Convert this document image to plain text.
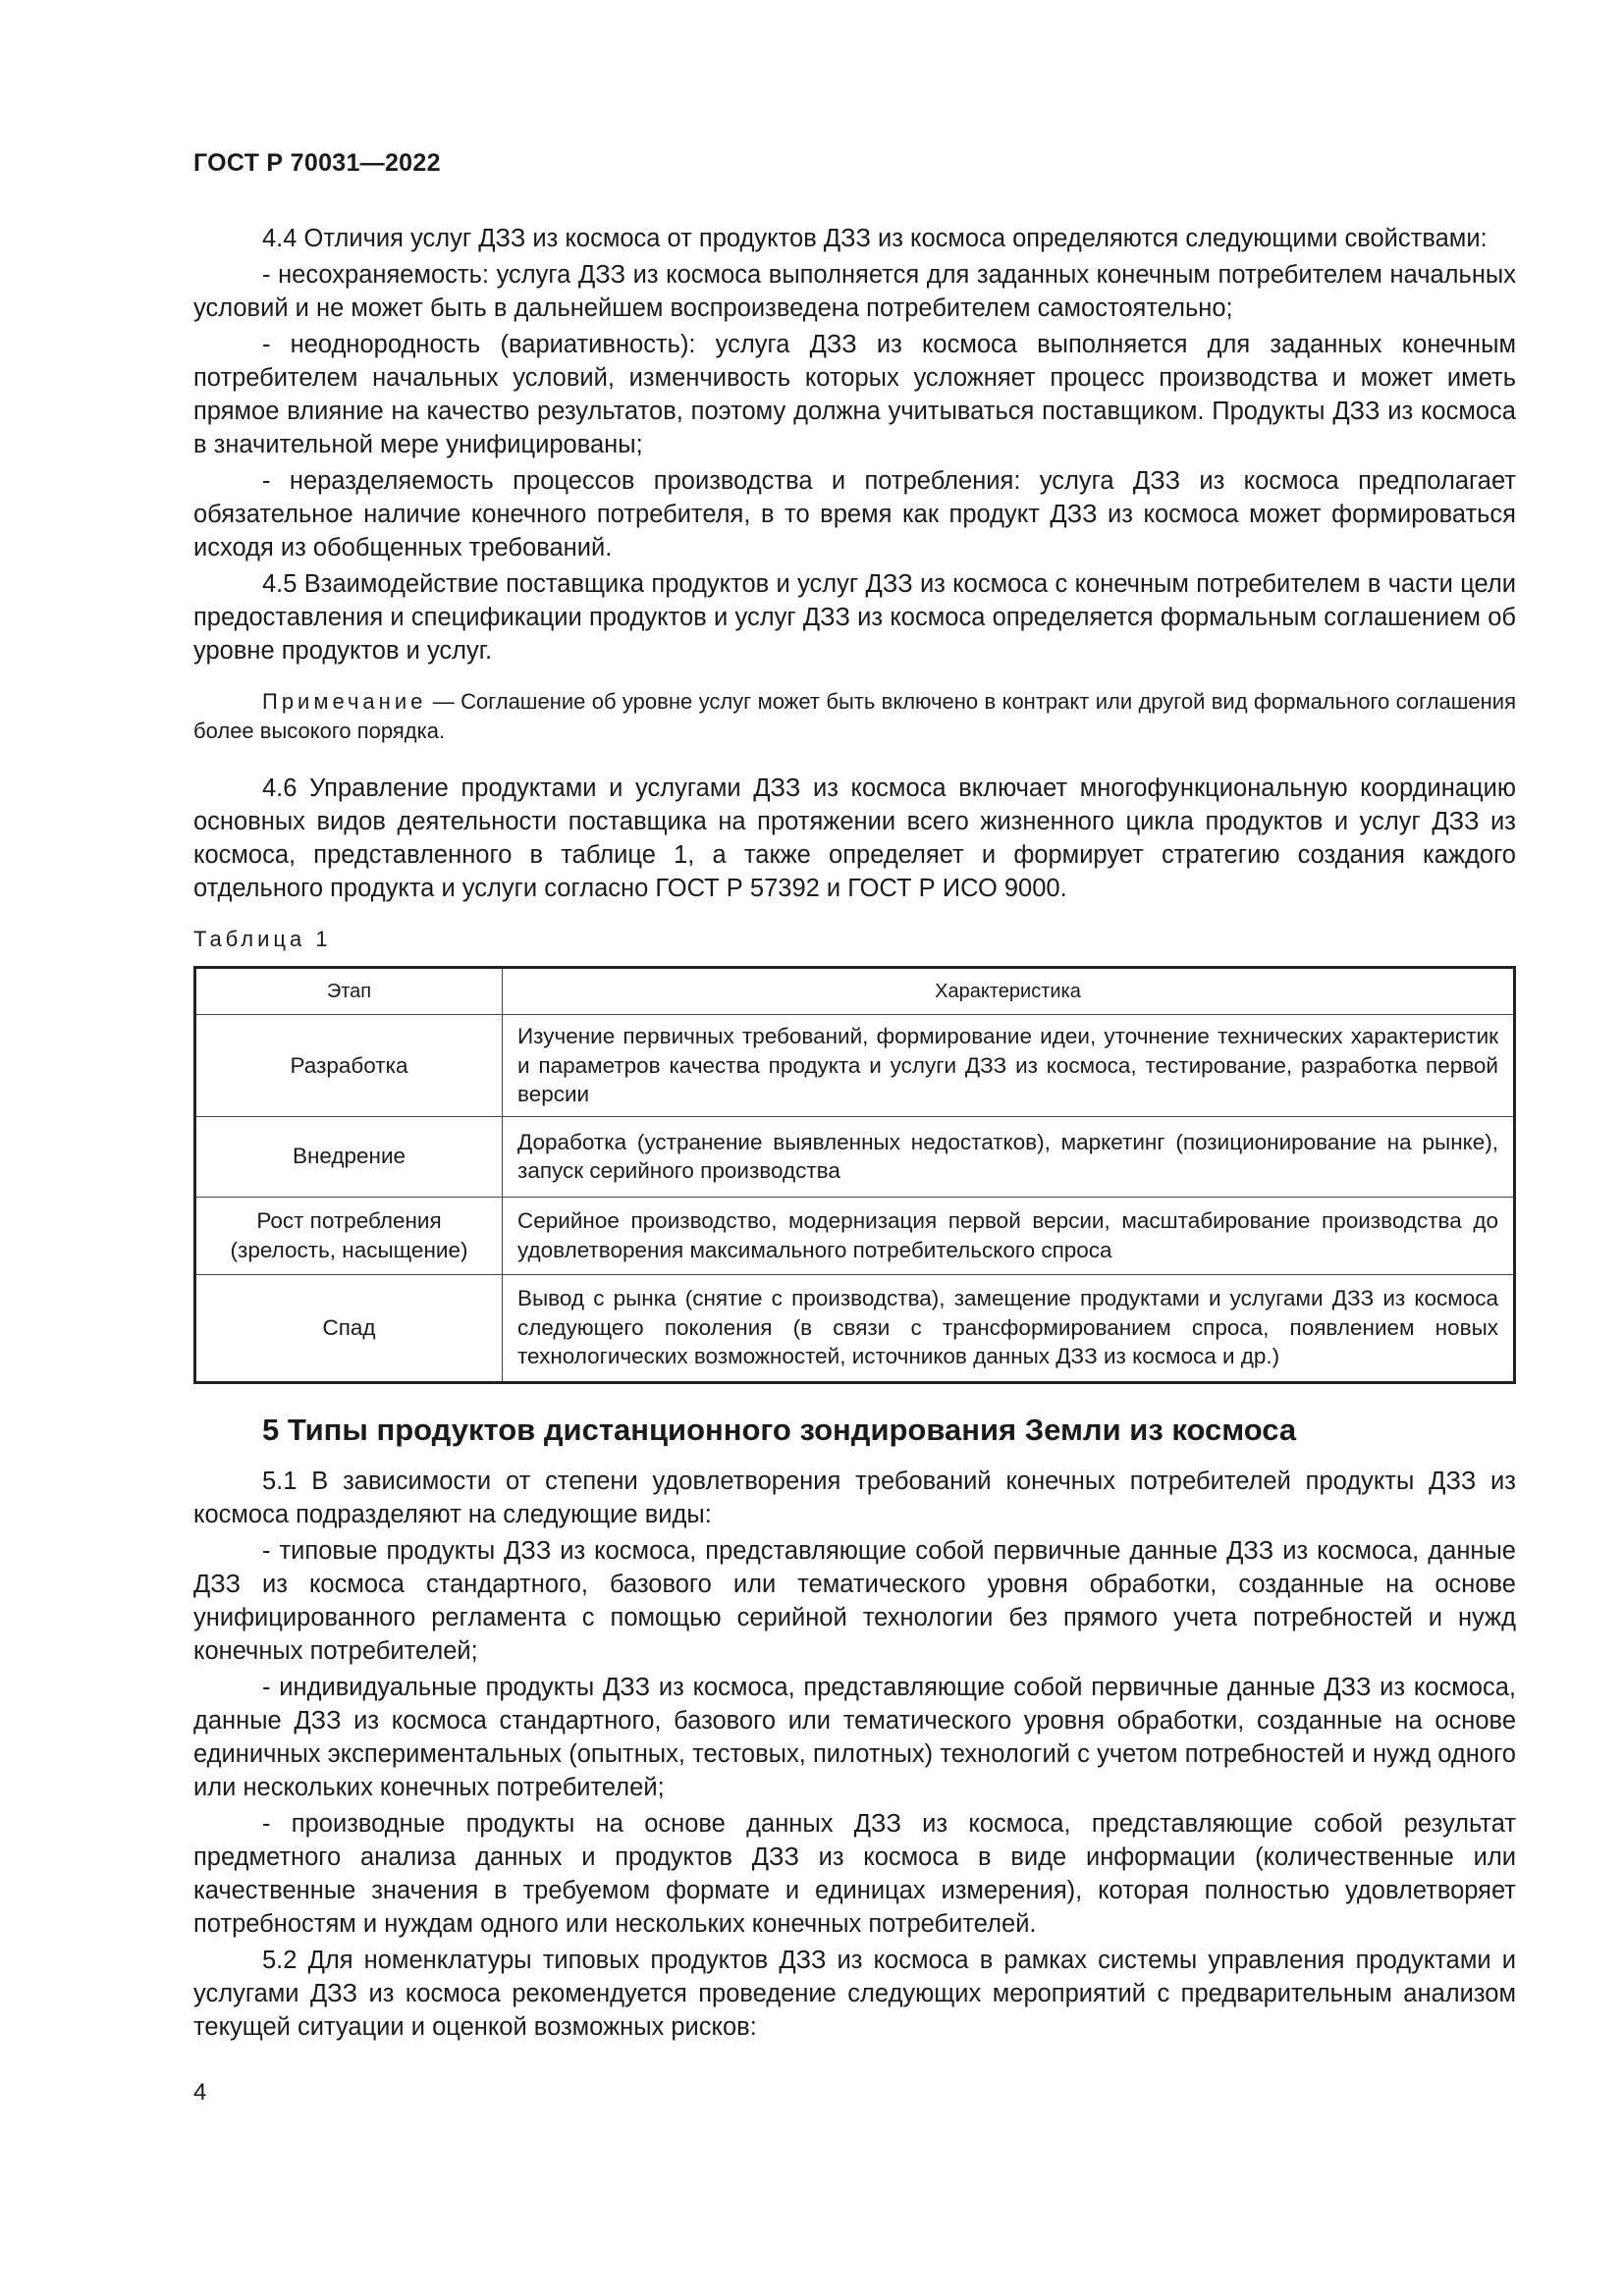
ГОСТ Р 70031—2022

4.4 Отличия услуг ДЗЗ из космоса от продуктов ДЗЗ из космоса определяются следующими свойствами:

- несохраняемость: услуга ДЗЗ из космоса выполняется для заданных конечным потребителем начальных условий и не может быть в дальнейшем воспроизведена потребителем самостоятельно;

- неоднородность (вариативность): услуга ДЗЗ из космоса выполняется для заданных конечным потребителем начальных условий, изменчивость которых усложняет процесс производства и может иметь прямое влияние на качество результатов, поэтому должна учитываться поставщиком. Продукты ДЗЗ из космоса в значительной мере унифицированы;

- неразделяемость процессов производства и потребления: услуга ДЗЗ из космоса предполагает обязательное наличие конечного потребителя, в то время как продукт ДЗЗ из космоса может формироваться исходя из обобщенных требований.

4.5 Взаимодействие поставщика продуктов и услуг ДЗЗ из космоса с конечным потребителем в части цели предоставления и спецификации продуктов и услуг ДЗЗ из космоса определяется формальным соглашением об уровне продуктов и услуг.

Примечание — Соглашение об уровне услуг может быть включено в контракт или другой вид формального соглашения более высокого порядка.

4.6 Управление продуктами и услугами ДЗЗ из космоса включает многофункциональную координацию основных видов деятельности поставщика на протяжении всего жизненного цикла продуктов и услуг ДЗЗ из космоса, представленного в таблице 1, а также определяет и формирует стратегию создания каждого отдельного продукта и услуги согласно ГОСТ Р 57392 и ГОСТ Р ИСО 9000.

Таблица 1
Этап	Характеристика
Разработка	Изучение первичных требований, формирование идеи, уточнение технических характеристик и параметров качества продукта и услуги ДЗЗ из космоса, тестирование, разработка первой версии
Внедрение	Доработка (устранение выявленных недостатков), маркетинг (позиционирование на рынке), запуск серийного производства
Рост потребления (зрелость, насыщение)	Серийное производство, модернизация первой версии, масштабирование производства до удовлетворения максимального потребительского спроса
Спад	Вывод с рынка (снятие с производства), замещение продуктами и услугами ДЗЗ из космоса следующего поколения (в связи с трансформированием спроса, появлением новых технологических возможностей, источников данных ДЗЗ из космоса и др.)
5 Типы продуктов дистанционного зондирования Земли из космоса

5.1 В зависимости от степени удовлетворения требований конечных потребителей продукты ДЗЗ из космоса подразделяют на следующие виды:

- типовые продукты ДЗЗ из космоса, представляющие собой первичные данные ДЗЗ из космоса, данные ДЗЗ из космоса стандартного, базового или тематического уровня обработки, созданные на основе унифицированного регламента с помощью серийной технологии без прямого учета потребностей и нужд конечных потребителей;

- индивидуальные продукты ДЗЗ из космоса, представляющие собой первичные данные ДЗЗ из космоса, данные ДЗЗ из космоса стандартного, базового или тематического уровня обработки, созданные на основе единичных экспериментальных (опытных, тестовых, пилотных) технологий с учетом потребностей и нужд одного или нескольких конечных потребителей;

- производные продукты на основе данных ДЗЗ из космоса, представляющие собой результат предметного анализа данных и продуктов ДЗЗ из космоса в виде информации (количественные или качественные значения в требуемом формате и единицах измерения), которая полностью удовлетворяет потребностям и нуждам одного или нескольких конечных потребителей.

5.2 Для номенклатуры типовых продуктов ДЗЗ из космоса в рамках системы управления продуктами и услугами ДЗЗ из космоса рекомендуется проведение следующих мероприятий с предварительным анализом текущей ситуации и оценкой возможных рисков:

4
